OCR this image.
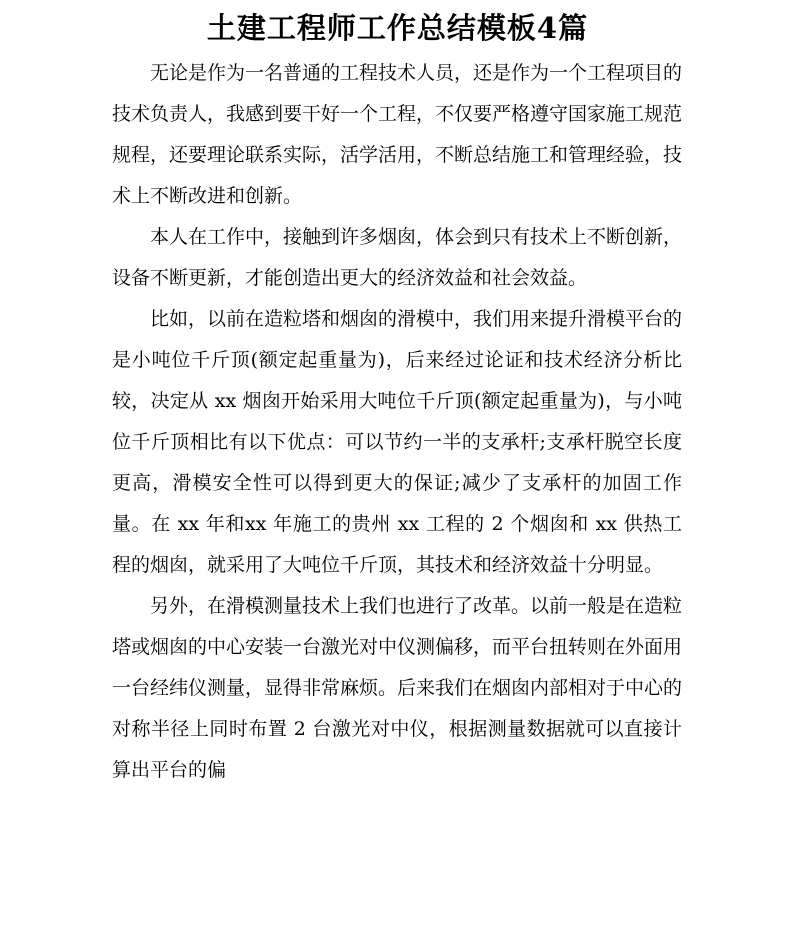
土建工程师工作总结模板4篇

无论是作为一名普通的工程技术人员，还是作为一个工程项目的技术负责人，我感到要干好一个工程，不仅要严格遵守国家施工规范规程，还要理论联系实际，活学活用，不断总结施工和管理经验，技术上不断改进和创新。

本人在工作中，接触到许多烟囱，体会到只有技术上不断创新，设备不断更新，才能创造出更大的经济效益和社会效益。

比如，以前在造粒塔和烟囱的滑模中，我们用来提升滑模平台的是小吨位千斤顶(额定起重量为)，后来经过论证和技术经济分析比较，决定从 xx 烟囱开始采用大吨位千斤顶(额定起重量为)，与小吨位千斤顶相比有以下优点：可以节约一半的支承杆;支承杆脱空长度更高，滑模安全性可以得到更大的保证;减少了支承杆的加固工作量。在 xx 年和xx 年施工的贵州 xx 工程的 2 个烟囱和 xx 供热工程的烟囱，就采用了大吨位千斤顶，其技术和经济效益十分明显。

另外，在滑模测量技术上我们也进行了改革。以前一般是在造粒塔或烟囱的中心安装一台激光对中仪测偏移，而平台扭转则在外面用一台经纬仪测量，显得非常麻烦。后来我们在烟囱内部相对于中心的对称半径上同时布置 2 台激光对中仪，根据测量数据就可以直接计算出平台的偏
